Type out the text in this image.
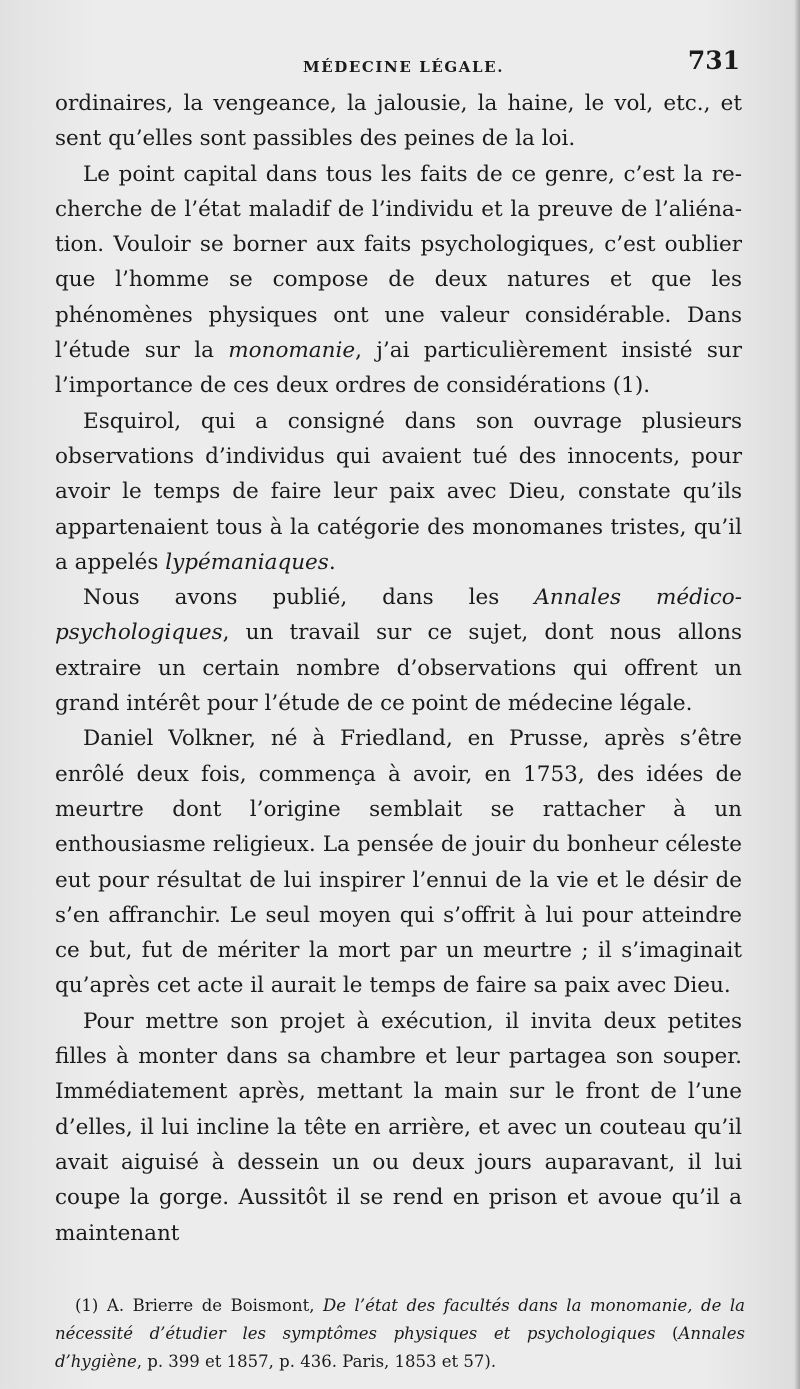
MÉDECINE LÉGALE.	731

ordinaires, la vengeance, la jalousie, la haine, le vol, etc., et sent qu’elles sont passibles des peines de la loi.

Le point capital dans tous les faits de ce genre, c’est la recherche de l’état maladif de l’individu et la preuve de l’aliénation. Vouloir se borner aux faits psychologiques, c’est oublier que l’homme se compose de deux natures et que les phénomènes physiques ont une valeur considérable. Dans l’étude sur la monomanie, j’ai particulièrement insisté sur l’importance de ces deux ordres de considérations (1).

Esquirol, qui a consigné dans son ouvrage plusieurs observations d’individus qui avaient tué des innocents, pour avoir le temps de faire leur paix avec Dieu, constate qu’ils appartenaient tous à la catégorie des monomanes tristes, qu’il a appelés lypémaniaques.

Nous avons publié, dans les Annales médico-psychologiques, un travail sur ce sujet, dont nous allons extraire un certain nombre d’observations qui offrent un grand intérêt pour l’étude de ce point de médecine légale.

Daniel Volkner, né à Friedland, en Prusse, après s’être enrôlé deux fois, commença à avoir, en 1753, des idées de meurtre dont l’origine semblait se rattacher à un enthousiasme religieux. La pensée de jouir du bonheur céleste eut pour résultat de lui inspirer l’ennui de la vie et le désir de s’en affranchir. Le seul moyen qui s’offrit à lui pour atteindre ce but, fut de mériter la mort par un meurtre ; il s’imaginait qu’après cet acte il aurait le temps de faire sa paix avec Dieu.

Pour mettre son projet à exécution, il invita deux petites filles à monter dans sa chambre et leur partagea son souper. Immédiatement après, mettant la main sur le front de l’une d’elles, il lui incline la tête en arrière, et avec un couteau qu’il avait aiguisé à dessein un ou deux jours auparavant, il lui coupe la gorge. Aussitôt il se rend en prison et avoue qu’il a maintenant

(1) A. Brierre de Boismont, De l’état des facultés dans la monomanie, de la nécessité d’étudier les symptômes physiques et psychologiques (Annales d’hygiène, p. 399 et 1857, p. 436. Paris, 1853 et 57).
